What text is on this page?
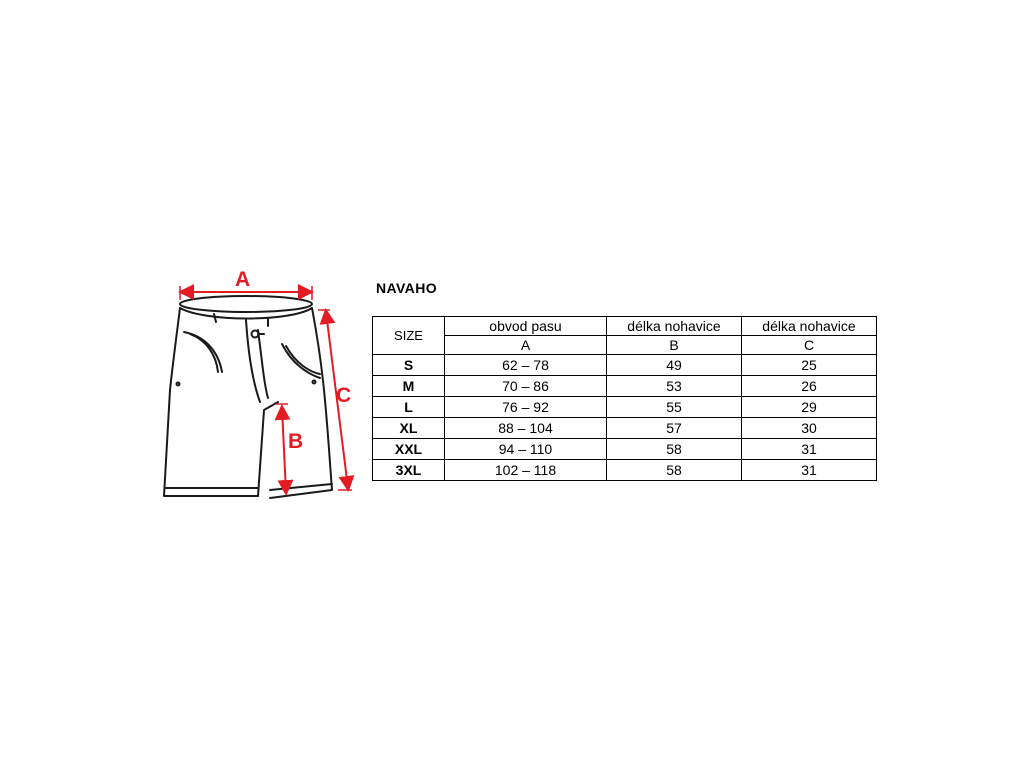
A
B
C
NAVAHO
SIZE	obvod pasu	délka nohavice	délka nohavice
	A	B	C
S	62 – 78	49	25
M	70 – 86	53	26
L	76 – 92	55	29
XL	88 – 104	57	30
XXL	94 – 110	58	31
3XL	102 – 118	58	31
